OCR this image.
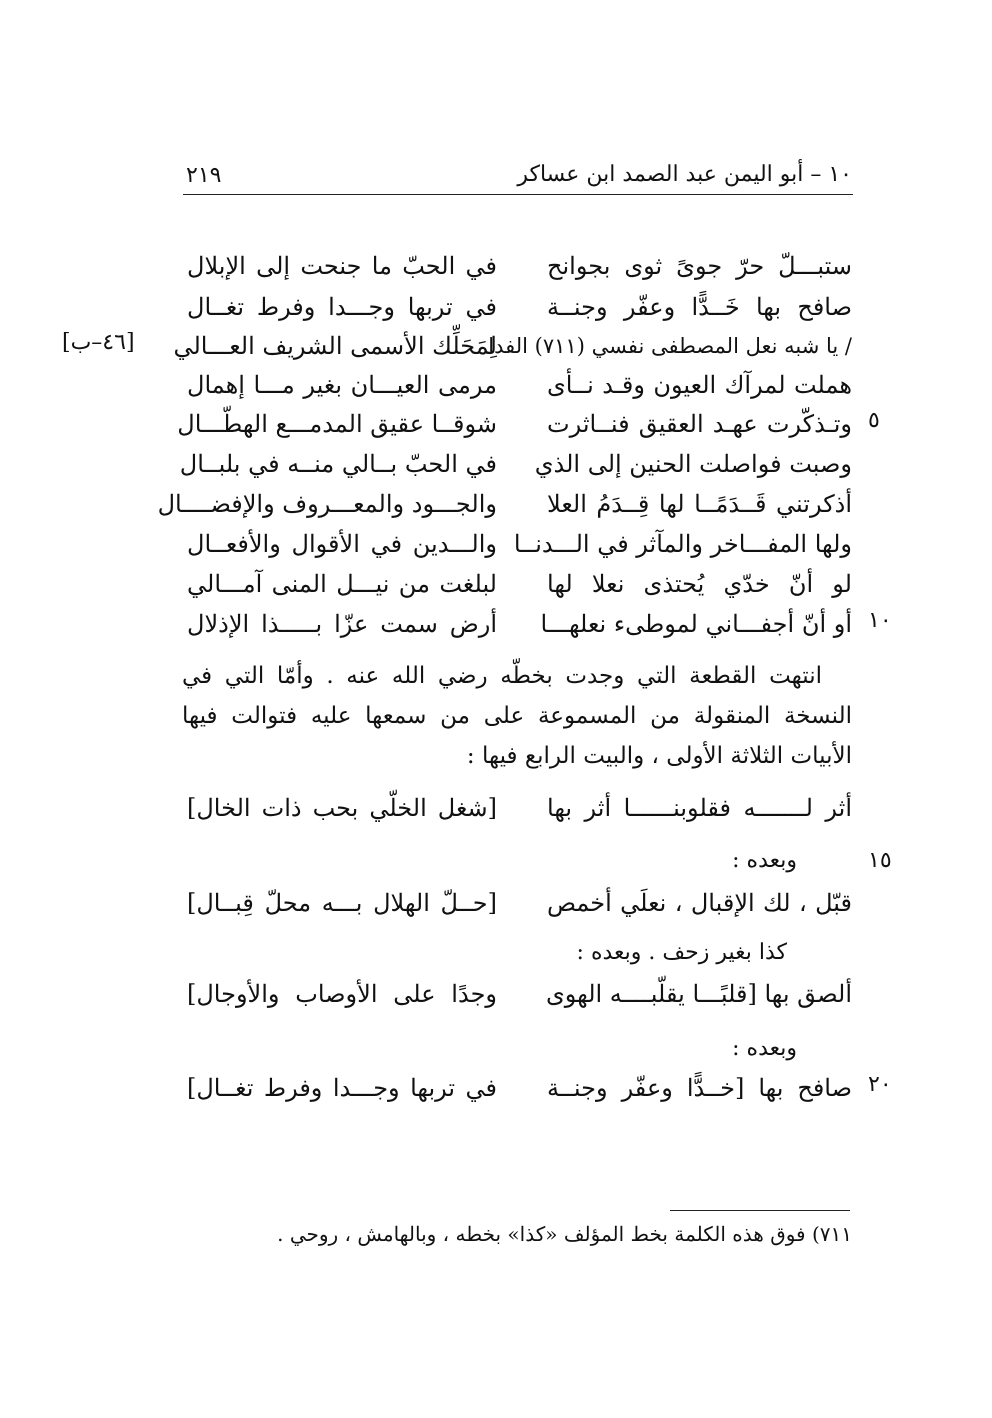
٢١٩	١٠ – أبو اليمن عبد الصمد ابن عساكر
ستبـــلّ حرّ جوىً ثوى بجوانح
في الحبّ ما جنحت إلى الإبلال
صافح بها خَــدًّا وعفّر وجنــة
في تربها وجـــدا وفرط تغــال
/ يا شبه نعل المصطفى نفسي (٧١١) الفدا
لِمَحَلِّك الأسمى الشريف العـــالي
[٤٦–ب]
هملت لمرآك العيون وقـد نــأى
مرمى العيـــان بغير مـــا إهمال
٥
وتـذكّرت عهـد العقيق فنــاثرت
شوقــا عقيق المدمـــع الهطّـــال
وصبت فواصلت الحنين إلى الذي
في الحبّ بــالي منــه في بلبــال
أذكرتني قَــدَمًــا لها قِــدَمُ العلا
والجـــود والمعـــروف والإفضــــال
ولها المفـــاخر والمآثر في الـــدنــا
والـــدين في الأقوال والأفعــال
لو أنّ خدّي يُحتذى نعلا لها
لبلغت من نيـــل المنى آمـــالي
١٠
أو أنّ أجفـــاني لموطىء نعلهـــا
أرض سمت عزّا بـــــذا الإذلال
انتهت القطعة التي وجدت بخطّه رضي الله عنه . وأمّا التي في النسخة المنقولة من المسموعة على من سمعها عليه فتوالت فيها الأبيات الثلاثة الأولى ، والبيت الرابع فيها :
أثر لـــــــه فقلوبنــــــا أثر بها
[شغل الخلّي بحب ذات الخال]
١٥
وبعده :
قبّل ، لك الإقبال ، نعلَي أخمص
[حــلّ الهلال بـــه محلّ قِبــال]
كذا بغير زحف . وبعده :
ألصق بها [قلبًـــا يقلّبــــه الهوى
وجدًا على الأوصاب والأوجال]
وبعده :
٢٠
صافح بها [خــدًّا وعفّر وجنــة
في تربها وجـــدا وفرط تغــال]
٧١١) فوق هذه الكلمة بخط المؤلف «كذا» بخطه ، وبالهامش ، روحي .
